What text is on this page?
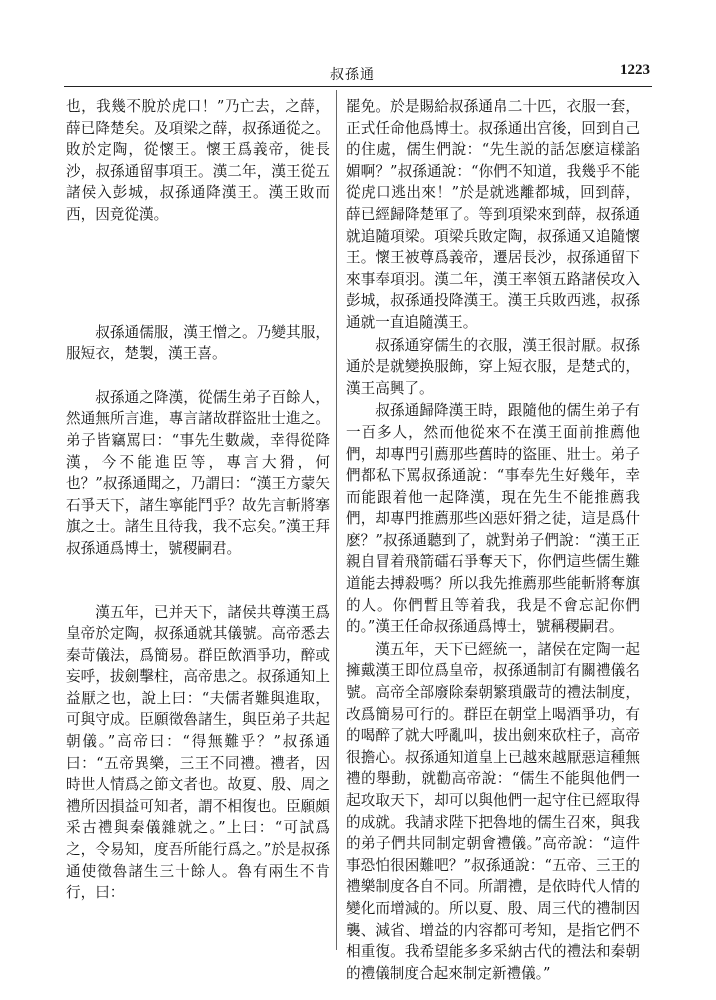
叔孫通	1223

也，我幾不脫於虎口！”乃亡去，之薛，薛已降楚矣。及項梁之薛，叔孫通從之。敗於定陶，從懷王。懷王爲義帝，徙長沙，叔孫通留事項王。漢二年，漢王從五諸侯入彭城，叔孫通降漢王。漢王敗而西，因竟從漢。

叔孫通儒服，漢王憎之。乃變其服，服短衣，楚製，漢王喜。

叔孫通之降漢，從儒生弟子百餘人，然通無所言進，專言諸故群盜壯士進之。弟子皆竊罵曰：“事先生數歲，幸得從降漢，今不能進臣等，專言大猾，何也？”叔孫通聞之，乃謂曰：“漢王方蒙矢石爭天下，諸生寧能鬥乎？故先言斬將搴旗之士。諸生且待我，我不忘矣。”漢王拜叔孫通爲博士，號稷嗣君。

漢五年，已并天下，諸侯共尊漢王爲皇帝於定陶，叔孫通就其儀號。高帝悉去秦苛儀法，爲簡易。群臣飲酒爭功，醉或妄呼，拔劍擊柱，高帝患之。叔孫通知上益厭之也，說上曰：“夫儒者難與進取，可與守成。臣願徵魯諸生，與臣弟子共起朝儀。”高帝曰：“得無難乎？”叔孫通曰：“五帝異樂，三王不同禮。禮者，因時世人情爲之節文者也。故夏、殷、周之禮所因損益可知者，謂不相復也。臣願頗采古禮與秦儀雜就之。”上曰：“可試爲之，令易知，度吾所能行爲之。”於是叔孫通使徵魯諸生三十餘人。魯有兩生不肯行，曰：

罷免。於是賜給叔孫通帛二十匹，衣服一套，正式任命他爲博士。叔孫通出宫後，回到自己的住處，儒生們說：“先生説的話怎麽這樣諂媚啊？”叔孫通說：“你們不知道，我幾乎不能從虎口逃出來！”於是就逃離都城，回到薛，薛已經歸降楚軍了。等到項梁來到薛，叔孫通就追隨項梁。項梁兵敗定陶，叔孫通又追隨懷王。懷王被尊爲義帝，遷居長沙，叔孫通留下來事奉項羽。漢二年，漢王率領五路諸侯攻入彭城，叔孫通投降漢王。漢王兵敗西逃，叔孫通就一直追隨漢王。

叔孫通穿儒生的衣服，漢王很討厭。叔孫通於是就變换服飾，穿上短衣服，是楚式的，漢王高興了。

叔孫通歸降漢王時，跟隨他的儒生弟子有一百多人，然而他從來不在漢王面前推薦他們，却專門引薦那些舊時的盜匪、壯士。弟子們都私下罵叔孫通說：“事奉先生好幾年，幸而能跟着他一起降漢，現在先生不能推薦我們，却專門推薦那些凶惡奸猾之徒，這是爲什麽？”叔孫通聽到了，就對弟子們說：“漢王正親自冒着飛箭礌石爭奪天下，你們這些儒生難道能去搏殺嗎？所以我先推薦那些能斬將奪旗的人。你們暫且等着我，我是不會忘記你們的。”漢王任命叔孫通爲博士，號稱稷嗣君。

漢五年，天下已經統一，諸侯在定陶一起擁戴漢王即位爲皇帝，叔孫通制訂有關禮儀名號。高帝全部廢除秦朝繁瑣嚴苛的禮法制度，改爲簡易可行的。群臣在朝堂上喝酒爭功，有的喝醉了就大呼亂叫，拔出劍來砍柱子，高帝很擔心。叔孫通知道皇上已越來越厭惡這種無禮的舉動，就勸高帝說：“儒生不能與他們一起攻取天下，却可以與他們一起守住已經取得的成就。我請求陛下把魯地的儒生召來，與我的弟子們共同制定朝會禮儀。”高帝說：“這件事恐怕很困難吧？”叔孫通說：“五帝、三王的禮樂制度各自不同。所謂禮，是依時代人情的變化而增減的。所以夏、殷、周三代的禮制因襲、減省、增益的内容都可考知，是指它們不相重復。我希望能多多采納古代的禮法和秦朝的禮儀制度合起來制定新禮儀。”
